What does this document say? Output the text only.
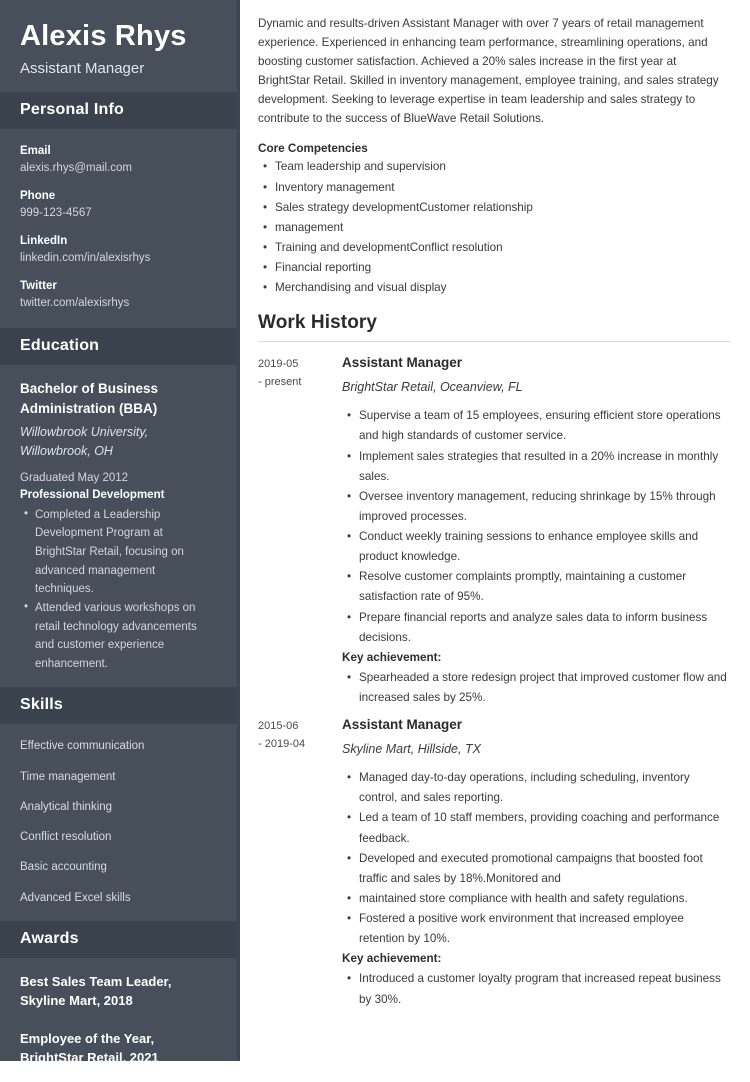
Alexis Rhys
Assistant Manager
Personal Info
Email
alexis.rhys@mail.com
Phone
999-123-4567
LinkedIn
linkedin.com/in/alexisrhys
Twitter
twitter.com/alexisrhys
Education
Bachelor of Business Administration (BBA)
Willowbrook University, Willowbrook, OH
Graduated May 2012
Professional Development
• Completed a Leadership Development Program at BrightStar Retail, focusing on advanced management techniques.
• Attended various workshops on retail technology advancements and customer experience enhancement.
Skills
Effective communication
Time management
Analytical thinking
Conflict resolution
Basic accounting
Advanced Excel skills
Awards
Best Sales Team Leader, Skyline Mart, 2018
Employee of the Year, BrightStar Retail, 2021

Dynamic and results-driven Assistant Manager with over 7 years of retail management experience. Experienced in enhancing team performance, streamlining operations, and boosting customer satisfaction. Achieved a 20% sales increase in the first year at BrightStar Retail. Skilled in inventory management, employee training, and sales strategy development. Seeking to leverage expertise in team leadership and sales strategy to contribute to the success of BlueWave Retail Solutions.

Core Competencies
• Team leadership and supervision
• Inventory management
• Sales strategy developmentCustomer relationship
• management
• Training and developmentConflict resolution
• Financial reporting
• Merchandising and visual display
Work History
2019-05
- present
Assistant Manager
BrightStar Retail, Oceanview, FL
• Supervise a team of 15 employees, ensuring efficient store operations and high standards of customer service.
• Implement sales strategies that resulted in a 20% increase in monthly sales.
• Oversee inventory management, reducing shrinkage by 15% through improved processes.
• Conduct weekly training sessions to enhance employee skills and product knowledge.
• Resolve customer complaints promptly, maintaining a customer satisfaction rate of 95%.
• Prepare financial reports and analyze sales data to inform business decisions.
Key achievement:
• Spearheaded a store redesign project that improved customer flow and increased sales by 25%.
2015-06
- 2019-04
Assistant Manager
Skyline Mart, Hillside, TX
• Managed day-to-day operations, including scheduling, inventory control, and sales reporting.
• Led a team of 10 staff members, providing coaching and performance feedback.
• Developed and executed promotional campaigns that boosted foot traffic and sales by 18%.Monitored and
• maintained store compliance with health and safety regulations.
• Fostered a positive work environment that increased employee retention by 10%.
Key achievement:
• Introduced a customer loyalty program that increased repeat business by 30%.
